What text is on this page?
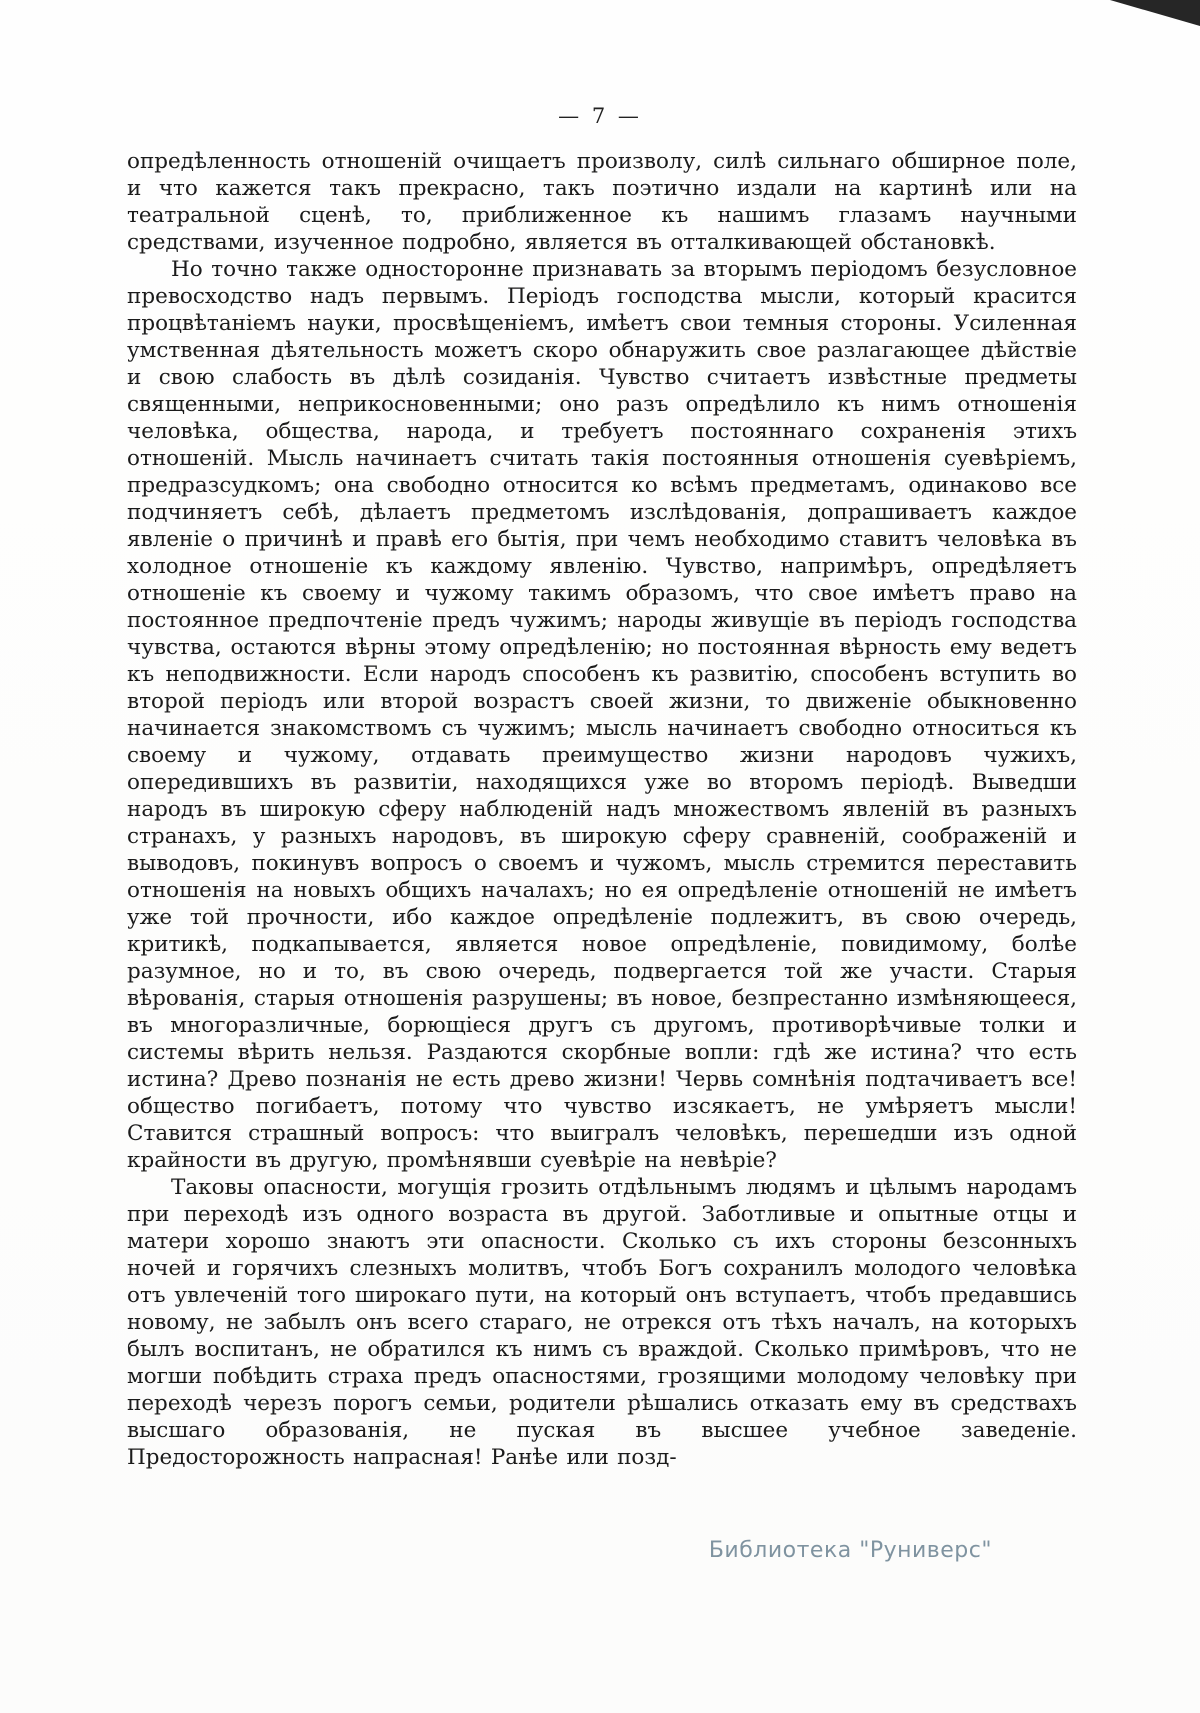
— 7 —

опредѣленность отношеній очищаетъ произволу, силѣ сильнаго обширное поле, и что кажется такъ прекрасно, такъ поэтично издали на картинѣ или на театральной сценѣ, то, приближенное къ нашимъ глазамъ научными средствами, изученное подробно, является въ отталкивающей обстановкѣ.

Но точно также односторонне признавать за вторымъ періодомъ безусловное превосходство надъ первымъ. Періодъ господства мысли, который красится процвѣтаніемъ науки, просвѣщеніемъ, имѣетъ свои темныя стороны. Усиленная умственная дѣятельность можетъ скоро обнаружить свое разлагающее дѣйствіе и свою слабость въ дѣлѣ созиданія. Чувство считаетъ извѣстные предметы священными, неприкосновенными; оно разъ опредѣлило къ нимъ отношенія человѣка, общества, народа, и требуетъ постояннаго сохраненія этихъ отношеній. Мысль начинаетъ считать такія постоянныя отношенія суевѣріемъ, предразсудкомъ; она свободно относится ко всѣмъ предметамъ, одинаково все подчиняетъ себѣ, дѣлаетъ предметомъ изслѣдованія, допрашиваетъ каждое явленіе о причинѣ и правѣ его бытія, при чемъ необходимо ставитъ человѣка въ холодное отношеніе къ каждому явленію. Чувство, напримѣръ, опредѣляетъ отношеніе къ своему и чужому такимъ образомъ, что свое имѣетъ право на постоянное предпочтеніе предъ чужимъ; народы живущіе въ періодъ господства чувства, остаются вѣрны этому опредѣленію; но постоянная вѣрность ему ведетъ къ неподвижности. Если народъ способенъ къ развитію, способенъ вступить во второй періодъ или второй возрастъ своей жизни, то движеніе обыкновенно начинается знакомствомъ съ чужимъ; мысль начинаетъ свободно относиться къ своему и чужому, отдавать преимущество жизни народовъ чужихъ, опередившихъ въ развитіи, находящихся уже во второмъ періодѣ. Выведши народъ въ широкую сферу наблюденій надъ множествомъ явленій въ разныхъ странахъ, у разныхъ народовъ, въ широкую сферу сравненій, соображеній и выводовъ, покинувъ вопросъ о своемъ и чужомъ, мысль стремится переставить отношенія на новыхъ общихъ началахъ; но ея опредѣленіе отношеній не имѣетъ уже той прочности, ибо каждое опредѣленіе подлежитъ, въ свою очередь, критикѣ, подкапывается, является новое опредѣленіе, повидимому, болѣе разумное, но и то, въ свою очередь, подвергается той же участи. Старыя вѣрованія, старыя отношенія разрушены; въ новое, безпрестанно измѣняющееся, въ многоразличные, борющіеся другъ съ другомъ, противорѣчивые толки и системы вѣрить нельзя. Раздаются скорбные вопли: гдѣ же истина? что есть истина? Древо познанія не есть древо жизни! Червь сомнѣнія подтачиваетъ все! общество погибаетъ, потому что чувство изсякаетъ, не умѣряетъ мысли! Ставится страшный вопросъ: что выигралъ человѣкъ, перешедши изъ одной крайности въ другую, промѣнявши суевѣріе на невѣріе?

Таковы опасности, могущія грозить отдѣльнымъ людямъ и цѣлымъ народамъ при переходѣ изъ одного возраста въ другой. Заботливые и опытные отцы и матери хорошо знаютъ эти опасности. Сколько съ ихъ стороны безсонныхъ ночей и горячихъ слезныхъ молитвъ, чтобъ Богъ сохранилъ молодого человѣка отъ увлеченій того широкаго пути, на который онъ вступаетъ, чтобъ предавшись новому, не забылъ онъ всего стараго, не отрекся отъ тѣхъ началъ, на которыхъ былъ воспитанъ, не обратился къ нимъ съ враждой. Сколько примѣровъ, что не могши побѣдить страха предъ опасностями, грозящими молодому человѣку при переходѣ черезъ порогъ семьи, родители рѣшались отказать ему въ средствахъ высшаго образованія, не пуская въ высшее учебное заведеніе. Предосторожность напрасная! Ранѣе или позд-

Библиотека "Руниверс"
